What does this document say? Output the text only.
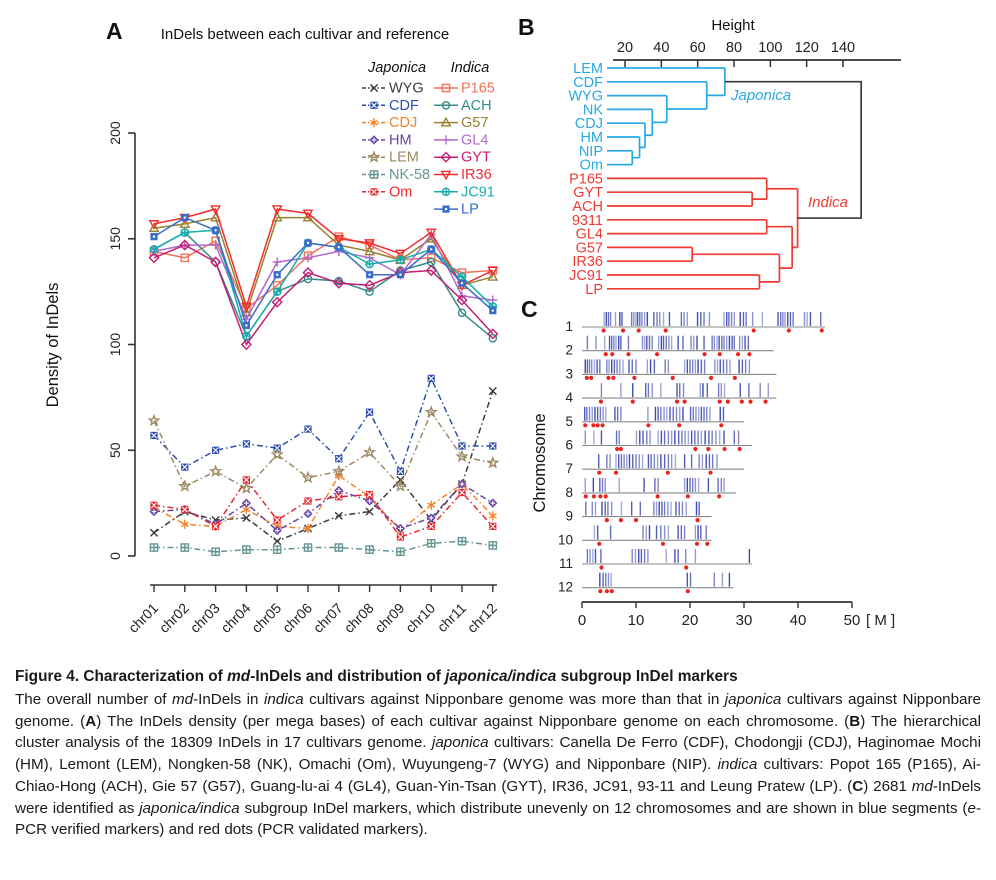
A	InDels between each cultivar and reference
0
50
100
150
200
Density of InDels
chr01
chr02
chr03
chr04
chr05
chr06
chr07
chr08
chr09
chr10
chr11
chr12
Japonica
WYG
CDF
CDJ
HM
LEM
NK-58
Om
Indica
P165
ACH
G57
GL4
GYT
IR36
JC91
LP
B
20 40 60 80 100 120 140
Height
LEM
CDF
WYG
NK
CDJ
HM
NIP
Om
P165
GYT
ACH
9311
GL4
G57
IR36
JC91
LP
Japonica
Indica
C
1
2
3
4
5
6
7
8
9
10
11
12
Chromosome
0	10 20 30 40 50 [ M ]
Figure 4. Characterization of md-InDels and distribution of japonica/indica subgroup InDel markers
The overall number of md-InDels in indica cultivars against Nipponbare genome was more than that in japonica cultivars against Nipponbare genome. (A) The InDels density (per mega bases) of each cultivar against Nipponbare genome on each chromosome. (B) The hierarchical cluster analysis of the 18309 InDels in 17 cultivars genome. japonica cultivars: Canella De Ferro (CDF), Chodongji (CDJ), Haginomae Mochi (HM), Lemont (LEM), Nongken-58 (NK), Omachi (Om), Wuyungeng-7 (WYG) and Nipponbare (NIP). indica cultivars: Popot 165 (P165), Ai-Chiao-Hong (ACH), Gie 57 (G57), Guang-lu-ai 4 (GL4), Guan-Yin-Tsan (GYT), IR36, JC91, 93-11 and Leung Pratew (LP). (C) 2681 md-InDels were identified as japonica/indica subgroup InDel markers, which distribute unevenly on 12 chromosomes and are shown in blue segments (e-PCR verified markers) and red dots (PCR validated markers).
